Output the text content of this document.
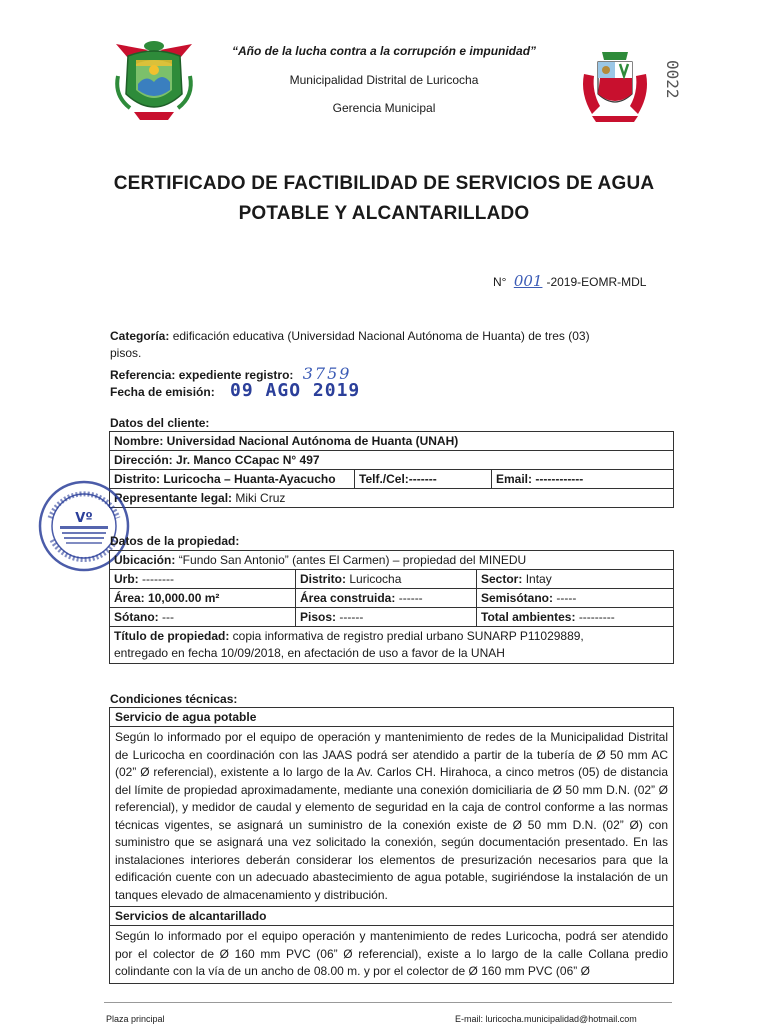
“Año de la lucha contra a la corrupción e impunidad”
Municipalidad Distrital de Luricocha
Gerencia Municipal
0022
CERTIFICADO DE FACTIBILIDAD DE SERVICIOS DE AGUA
POTABLE Y ALCANTARILLADO
N° 001 -2019-EOMR-MDL
Categoría: edificación educativa (Universidad Nacional Autónoma de Huanta) de tres (03)
pisos.
Referencia: expediente registro: 3759
Fecha de emisión: 09 AGO 2019
Datos del cliente:
Nombre: Universidad Nacional Autónoma de Huanta (UNAH)
Dirección: Jr. Manco CCapac N° 497
Distrito: Luricocha – Huanta-Ayacucho	Telf./Cel:-------	Email: ------------
Representante legal: Miki Cruz
Vº
Datos de la propiedad:
Ubicación: “Fundo San Antonio” (antes El Carmen) – propiedad del MINEDU		
Urb: --------	Distrito: Luricocha	Sector: Intay
Área: 10,000.00 m²	Área construida: ------	Semisótano: -----
Sótano: ---	Pisos: ------	Total ambientes: ---------
Título de propiedad: copia informativa de registro predial urbano SUNARP P11029889,
entregado en fecha 10/09/2018, en afectación de uso a favor de la UNAH		
Condiciones técnicas:
Servicio de agua potable
Según lo informado por el equipo de operación y mantenimiento de redes de la Municipalidad Distrital de Luricocha en coordinación con las JAAS podrá ser atendido a partir de la tubería de Ø 50 mm AC (02” Ø referencial), existente a lo largo de la Av. Carlos CH. Hirahoca, a cinco metros (05) de distancia del límite de propiedad aproximadamente, mediante una conexión domiciliaria de Ø 50 mm D.N. (02” Ø referencial), y medidor de caudal y elemento de seguridad en la caja de control conforme a las normas técnicas vigentes, se asignará un suministro de la conexión existe de Ø 50 mm D.N. (02” Ø) con suministro que se asignará una vez solicitado la conexión, según documentación presentado. En las instalaciones interiores deberán considerar los elementos de presurización necesarios para que la edificación cuente con un adecuado abastecimiento de agua potable, sugiriéndose la instalación de un tanques elevado de almacenamiento y distribución.
Servicios de alcantarillado
Según lo informado por el equipo operación y mantenimiento de redes Luricocha, podrá ser atendido por el colector de Ø 160 mm PVC (06” Ø referencial), existe a lo largo de la calle Collana predio colindante con la vía de un ancho de 08.00 m. y por el colector de Ø 160 mm PVC (06” Ø
Plaza principal	E-mail: luricocha.municipalidad@hotmail.com
